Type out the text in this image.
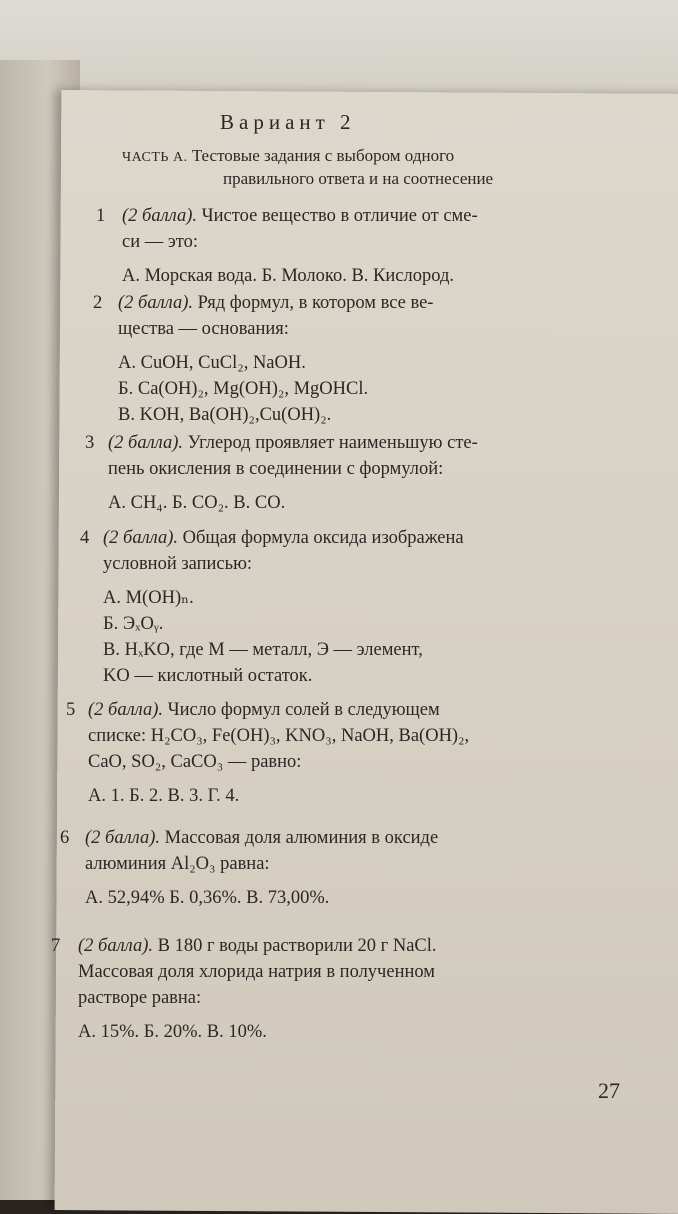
Вариант 2
ЧАСТЬ А. Тестовые задания с выбором одного
правильного ответа и на соотнесение
1 (2 балла). Чистое вещество в отличие от сме-
си — это:
А. Морская вода. Б. Молоко. В. Кислород.
2 (2 балла). Ряд формул, в котором все ве-
щества — основания:
А. CuOH, CuCl₂, NaOH.
Б. Ca(OH)₂, Mg(OH)₂, MgOHCl.
В. KOH, Ba(OH)₂,Cu(OH)₂.
3 (2 балла). Углерод проявляет наименьшую сте-
пень окисления в соединении с формулой:
А. CH₄. Б. CO₂. В. CO.
4 (2 балла). Общая формула оксида изображена
условной записью:
А. M(OH)ₙ.
Б. ЭₓOᵧ.
В. HₓKO, где M — металл, Э — элемент,
KO — кислотный остаток.
5 (2 балла). Число формул солей в следующем
списке: H₂CO₃, Fe(OH)₃, KNO₃, NaOH, Ba(OH)₂,
CaO, SO₂, CaCO₃ — равно:
А. 1. Б. 2. В. 3. Г. 4.
6 (2 балла). Массовая доля алюминия в оксиде
алюминия Al₂O₃ равна:
А. 52,94% Б. 0,36%. В. 73,00%.
7 (2 балла). В 180 г воды растворили 20 г NaCl.
Массовая доля хлорида натрия в полученном
растворе равна:
А. 15%. Б. 20%. В. 10%.
27
